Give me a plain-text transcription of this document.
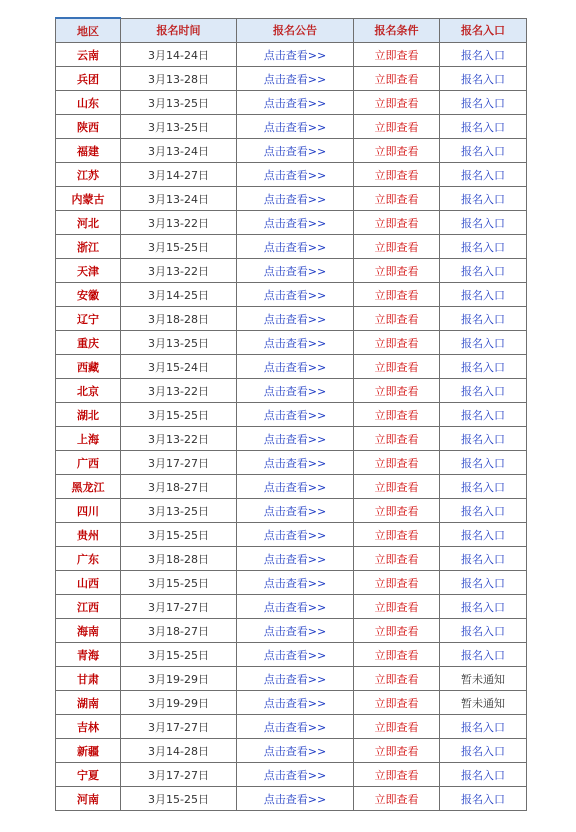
地区	报名时间	报名公告	报名条件	报名入口
云南	3月14-24日	点击查看>>	立即查看	报名入口
兵团	3月13-28日	点击查看>>	立即查看	报名入口
山东	3月13-25日	点击查看>>	立即查看	报名入口
陕西	3月13-25日	点击查看>>	立即查看	报名入口
福建	3月13-24日	点击查看>>	立即查看	报名入口
江苏	3月14-27日	点击查看>>	立即查看	报名入口
内蒙古	3月13-24日	点击查看>>	立即查看	报名入口
河北	3月13-22日	点击查看>>	立即查看	报名入口
浙江	3月15-25日	点击查看>>	立即查看	报名入口
天津	3月13-22日	点击查看>>	立即查看	报名入口
安徽	3月14-25日	点击查看>>	立即查看	报名入口
辽宁	3月18-28日	点击查看>>	立即查看	报名入口
重庆	3月13-25日	点击查看>>	立即查看	报名入口
西藏	3月15-24日	点击查看>>	立即查看	报名入口
北京	3月13-22日	点击查看>>	立即查看	报名入口
湖北	3月15-25日	点击查看>>	立即查看	报名入口
上海	3月13-22日	点击查看>>	立即查看	报名入口
广西	3月17-27日	点击查看>>	立即查看	报名入口
黑龙江	3月18-27日	点击查看>>	立即查看	报名入口
四川	3月13-25日	点击查看>>	立即查看	报名入口
贵州	3月15-25日	点击查看>>	立即查看	报名入口
广东	3月18-28日	点击查看>>	立即查看	报名入口
山西	3月15-25日	点击查看>>	立即查看	报名入口
江西	3月17-27日	点击查看>>	立即查看	报名入口
海南	3月18-27日	点击查看>>	立即查看	报名入口
青海	3月15-25日	点击查看>>	立即查看	报名入口
甘肃	3月19-29日	点击查看>>	立即查看	暂未通知
湖南	3月19-29日	点击查看>>	立即查看	暂未通知
吉林	3月17-27日	点击查看>>	立即查看	报名入口
新疆	3月14-28日	点击查看>>	立即查看	报名入口
宁夏	3月17-27日	点击查看>>	立即查看	报名入口
河南	3月15-25日	点击查看>>	立即查看	报名入口
